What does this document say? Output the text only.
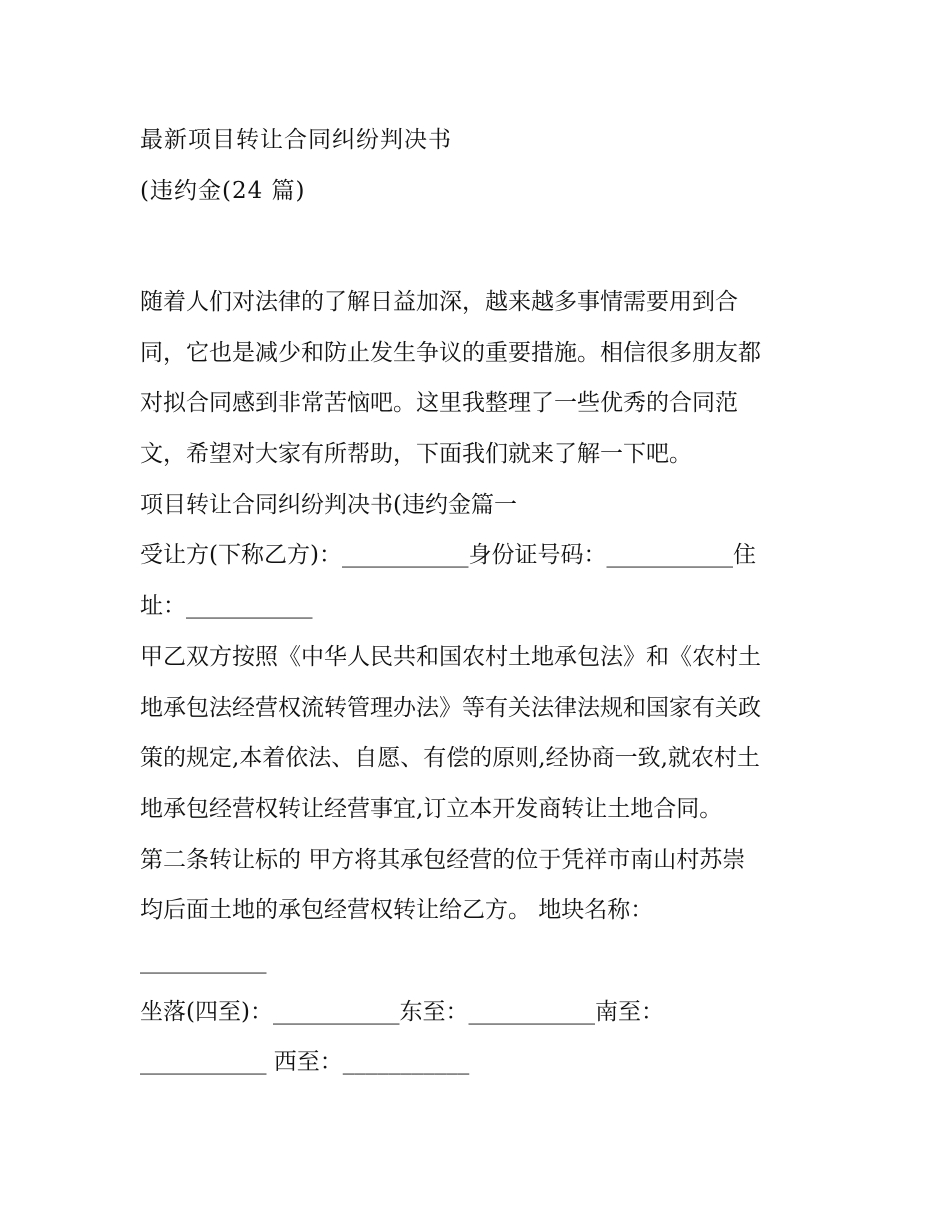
最新项目转让合同纠纷判决书
(违约金(24 篇)
随着人们对法律的了解日益加深，越来越多事情需要用到合
同，它也是减少和防止发生争议的重要措施。相信很多朋友都
对拟合同感到非常苦恼吧。这里我整理了一些优秀的合同范
文，希望对大家有所帮助，下面我们就来了解一下吧。
项目转让合同纠纷判决书(违约金篇一
受让方(下称乙方)：___________身份证号码：___________住
址：___________
甲乙双方按照《中华人民共和国农村土地承包法》和《农村土
地承包法经营权流转管理办法》等有关法律法规和国家有关政
策的规定,本着依法、自愿、有偿的原则,经协商一致,就农村土
地承包经营权转让经营事宜,订立本开发商转让土地合同。
第二条转让标的 甲方将其承包经营的位于凭祥市南山村苏崇
均后面土地的承包经营权转让给乙方。 地块名称：
___________
坐落(四至)：___________东至：___________南至：
___________ 西至：___________
